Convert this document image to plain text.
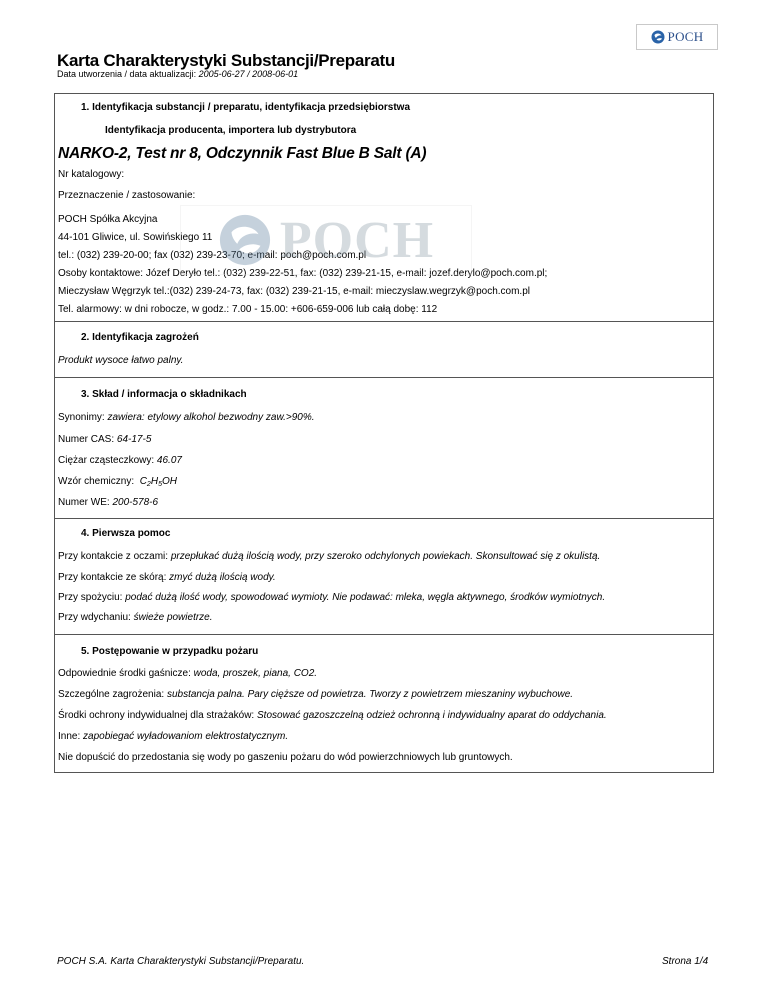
POCH
Karta Charakterystyki Substancji/Preparatu
Data utworzenia / data aktualizacji: 2005-06-27 / 2008-06-01
1. Identyfikacja substancji / preparatu, identyfikacja przedsiębiorstwa
Identyfikacja producenta, importera lub dystrybutora
NARKO-2, Test nr 8, Odczynnik Fast Blue B Salt (A)
Nr katalogowy:
Przeznaczenie / zastosowanie:
POCH Spółka Akcyjna
44-101 Gliwice, ul. Sowińskiego 11
tel.: (032) 239-20-00; fax (032) 239-23-70; e-mail: poch@poch.com.pl
Osoby kontaktowe: Józef Deryło tel.: (032) 239-22-51, fax: (032) 239-21-15, e-mail: jozef.derylo@poch.com.pl;
Mieczysław Węgrzyk tel.:(032) 239-24-73, fax: (032) 239-21-15, e-mail: mieczyslaw.wegrzyk@poch.com.pl
Tel. alarmowy: w dni robocze, w godz.: 7.00 - 15.00: +606-659-006 lub całą dobę: 112
2. Identyfikacja zagrożeń
Produkt wysoce łatwo palny.
3. Skład / informacja o składnikach
Synonimy: zawiera: etylowy alkohol bezwodny zaw.>90%.
Numer CAS: 64-17-5
Ciężar cząsteczkowy: 46.07
Wzór chemiczny: $C_2H_5OH$
Numer WE: 200-578-6
4. Pierwsza pomoc
Przy kontakcie z oczami: przepłukać dużą ilością wody, przy szeroko odchylonych powiekach. Skonsultować się z okulistą.
Przy kontakcie ze skórą: zmyć dużą ilością wody.
Przy spożyciu: podać dużą ilość wody, spowodować wymioty. Nie podawać: mleka, węgla aktywnego, środków wymiotnych.
Przy wdychaniu: świeże powietrze.
5. Postępowanie w przypadku pożaru
Odpowiednie środki gaśnicze: woda, proszek, piana, CO2.
Szczególne zagrożenia: substancja palna. Pary cięższe od powietrza. Tworzy z powietrzem mieszaniny wybuchowe.
Środki ochrony indywidualnej dla strażaków: Stosować gazoszczelną odzież ochronną i indywidualny aparat do oddychania.
Inne: zapobiegać wyładowaniom elektrostatycznym.
Nie dopuścić do przedostania się wody po gaszeniu pożaru do wód powierzchniowych lub gruntowych.
POCH
POCH S.A. Karta Charakterystyki Substancji/Preparatu.	Strona 1/4
